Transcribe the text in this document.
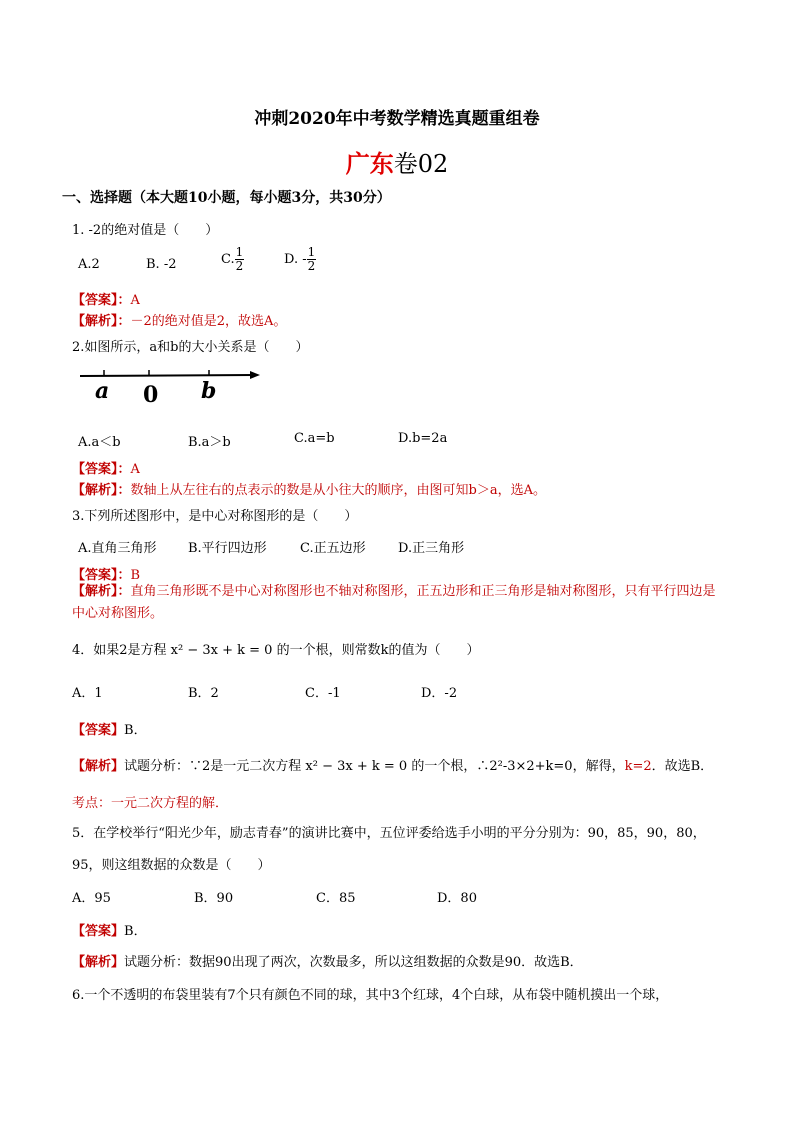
冲刺2020年中考数学精选真题重组卷
广东卷02
一、选择题（本大题10小题，每小题3分，共30分）
1. -2的绝对值是（　　）
A.2	B. -2	C. $\frac{1}{2}$	D. - $\frac{1}{2}$
【答案】：A
【解析】：－2的绝对值是2，故选A。
2.如图所示，a和b的大小关系是（　　）
a 0 b
A.a＜b	B.a＞b	C.a=b	D.b=2a
【答案】：A
【解析】：数轴上从左往右的点表示的数是从小往大的顺序，由图可知b＞a，选A。
3.下列所述图形中，是中心对称图形的是（　　）
A.直角三角形 B.平行四边形	C.正五边形 D.正三角形
【答案】：B
【解析】：直角三角形既不是中心对称图形也不轴对称图形，正五边形和正三角形是轴对称图形，只有平行四边是中心对称图形。
4．如果2是方程 x² − 3x + k = 0 的一个根，则常数k的值为（　　）
A．1	B．2	C．-1	D．-2
【答案】B．
【解析】试题分析：∵2是一元二次方程 x² − 3x + k = 0 的一个根，∴2²-3×2+k=0，解得，k=2．故选B．
考点：一元二次方程的解．
5．在学校举行“阳光少年，励志青春”的演讲比赛中，五位评委给选手小明的平分分别为：90，85，90，80，
95，则这组数据的众数是（　　）
A．95	B．90	C．85	D．80
【答案】B．
【解析】试题分析：数据90出现了两次，次数最多，所以这组数据的众数是90．故选B．
6.一个不透明的布袋里装有7个只有颜色不同的球，其中3个红球，4个白球，从布袋中随机摸出一个球，
